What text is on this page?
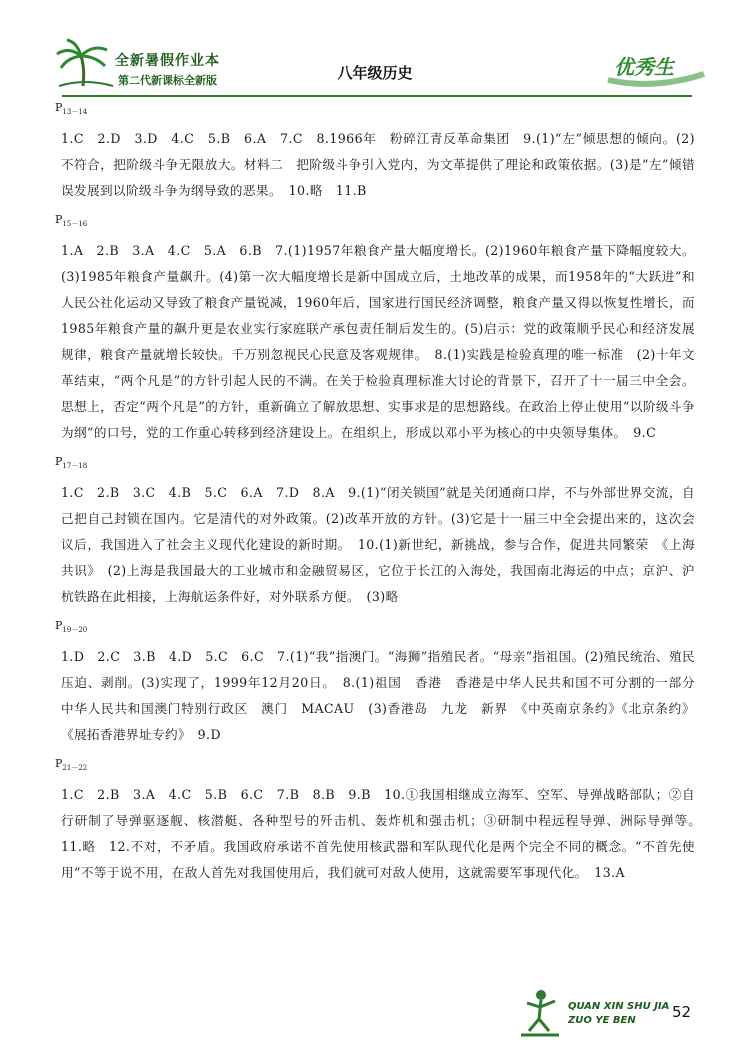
全新暑假作业本
第二代新课标全新版	八年级历史	优秀生

$P_{13-14}$

1.C　2.D　3.D　4.C　5.B　6.A　7.C　8.1966年　粉碎江青反革命集团　9.(1)“左”倾思想的倾向。(2)不符合，把阶级斗争无限放大。材料二　把阶级斗争引入党内，为文革提供了理论和政策依据。(3)是“左”倾错误发展到以阶级斗争为纲导致的恶果。　10.略　11.B

$P_{15-16}$

1.A　2.B　3.A　4.C　5.A　6.B　7.(1)1957年粮食产量大幅度增长。(2)1960年粮食产量下降幅度较大。(3)1985年粮食产量飙升。(4)第一次大幅度增长是新中国成立后，土地改革的成果，而1958年的“大跃进”和人民公社化运动又导致了粮食产量锐减，1960年后，国家进行国民经济调整，粮食产量又得以恢复性增长，而1985年粮食产量的飙升更是农业实行家庭联产承包责任制后发生的。(5)启示：党的政策顺乎民心和经济发展规律，粮食产量就增长较快。千万别忽视民心民意及客观规律。　8.(1)实践是检验真理的唯一标准　(2)十年文革结束，“两个凡是”的方针引起人民的不满。在关于检验真理标准大讨论的背景下，召开了十一届三中全会。思想上，否定“两个凡是”的方针，重新确立了解放思想、实事求是的思想路线。在政治上停止使用“以阶级斗争为纲”的口号，党的工作重心转移到经济建设上。在组织上，形成以邓小平为核心的中央领导集体。　9.C

$P_{17-18}$

1.C　2.B　3.C　4.B　5.C　6.A　7.D　8.A　9.(1)“闭关锁国”就是关闭通商口岸，不与外部世界交流，自己把自己封锁在国内。它是清代的对外政策。(2)改革开放的方针。(3)它是十一届三中全会提出来的，这次会议后，我国进入了社会主义现代化建设的新时期。　10.(1)新世纪，新挑战，参与合作，促进共同繁荣　《上海共识》　(2)上海是我国最大的工业城市和金融贸易区，它位于长江的入海处，我国南北海运的中点；京沪、沪杭铁路在此相接，上海航运条件好，对外联系方便。　(3)略

$P_{19-20}$

1.D　2.C　3.B　4.D　5.C　6.C　7.(1)“我”指澳门。“海狮”指殖民者。“母亲”指祖国。(2)殖民统治、殖民压迫、剥削。(3)实现了，1999年12月20日。　8.(1)祖国　香港　香港是中华人民共和国不可分割的一部分　中华人民共和国澳门特别行政区　澳门　MACAU　(3)香港岛　九龙　新界　《中英南京条约》《北京条约》《展拓香港界址专约》　9.D

$P_{21-22}$

1.C　2.B　3.A　4.C　5.B　6.C　7.B　8.B　9.B　10.①我国相继成立海军、空军、导弹战略部队；②自行研制了导弹驱逐舰、核潜艇、各种型号的歼击机、轰炸机和强击机；③研制中程远程导弹、洲际导弹等。　11.略　12.不对，不矛盾。我国政府承诺不首先使用核武器和军队现代化是两个完全不同的概念。“不首先使用”不等于说不用，在敌人首先对我国使用后，我们就可对敌人使用，这就需要军事现代化。　13.A

QUAN XIN SHU JIA
ZUO YE BEN	52
